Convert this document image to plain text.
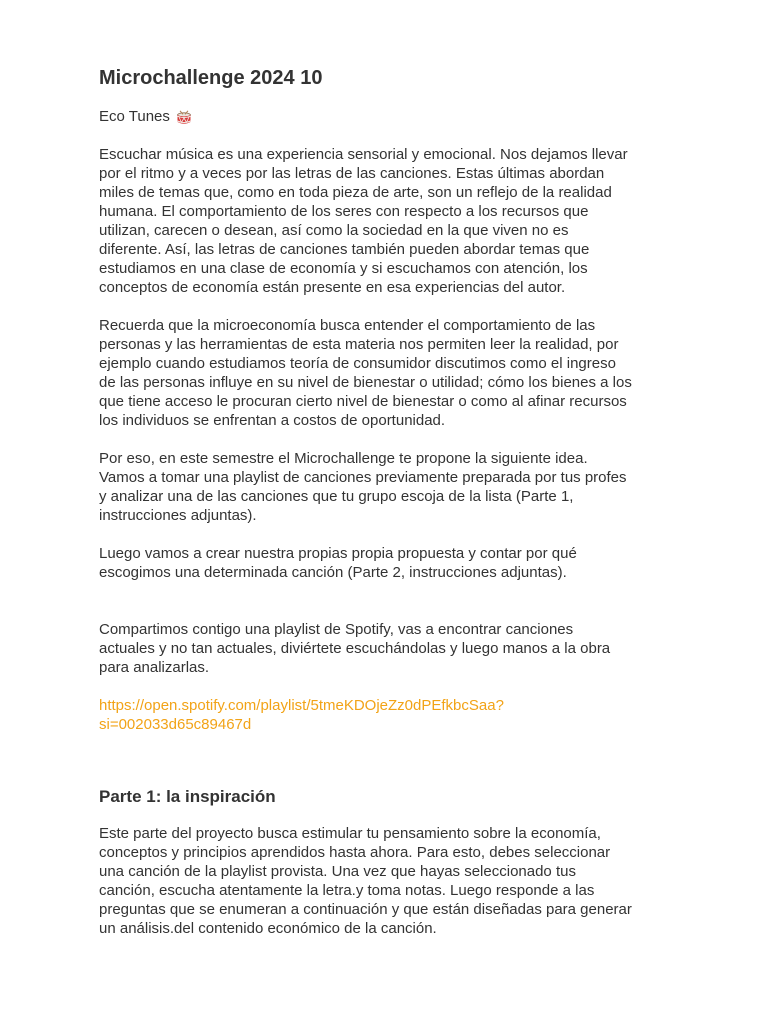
Microchallenge 2024 10
Eco Tunes

Escuchar música es una experiencia sensorial y emocional. Nos dejamos llevar
por el ritmo y a veces por las letras de las canciones. Estas últimas abordan
miles de temas que, como en toda pieza de arte, son un reflejo de la realidad
humana. El comportamiento de los seres con respecto a los recursos que
utilizan, carecen o desean, así como la sociedad en la que viven no es
diferente. Así, las letras de canciones también pueden abordar temas que
estudiamos en una clase de economía y si escuchamos con atención, los
conceptos de economía están presente en esa experiencias del autor.

Recuerda que la microeconomía busca entender el comportamiento de las
personas y las herramientas de esta materia nos permiten leer la realidad, por
ejemplo cuando estudiamos teoría de consumidor discutimos como el ingreso
de las personas influye en su nivel de bienestar o utilidad; cómo los bienes a los
que tiene acceso le procuran cierto nivel de bienestar o como al afinar recursos
los individuos se enfrentan a costos de oportunidad.

Por eso, en este semestre el Microchallenge te propone la siguiente idea.
Vamos a tomar una playlist de canciones previamente preparada por tus profes
y analizar una de las canciones que tu grupo escoja de la lista (Parte 1,
instrucciones adjuntas).

Luego vamos a crear nuestra propias propia propuesta y contar por qué
escogimos una determinada canción (Parte 2, instrucciones adjuntas).

Compartimos contigo una playlist de Spotify, vas a encontrar canciones
actuales y no tan actuales, diviértete escuchándolas y luego manos a la obra
para analizarlas.

https://open.spotify.com/playlist/5tmeKDOjeZz0dPEfkbcSaa?
si=002033d65c89467d
Parte 1: la inspiración

Este parte del proyecto busca estimular tu pensamiento sobre la economía,
conceptos y principios aprendidos hasta ahora. Para esto, debes seleccionar
una canción de la playlist provista. Una vez que hayas seleccionado tus
canción, escucha atentamente la letra.y toma notas. Luego responde a las
preguntas que se enumeran a continuación y que están diseñadas para generar
un análisis.del contenido económico de la canción.
